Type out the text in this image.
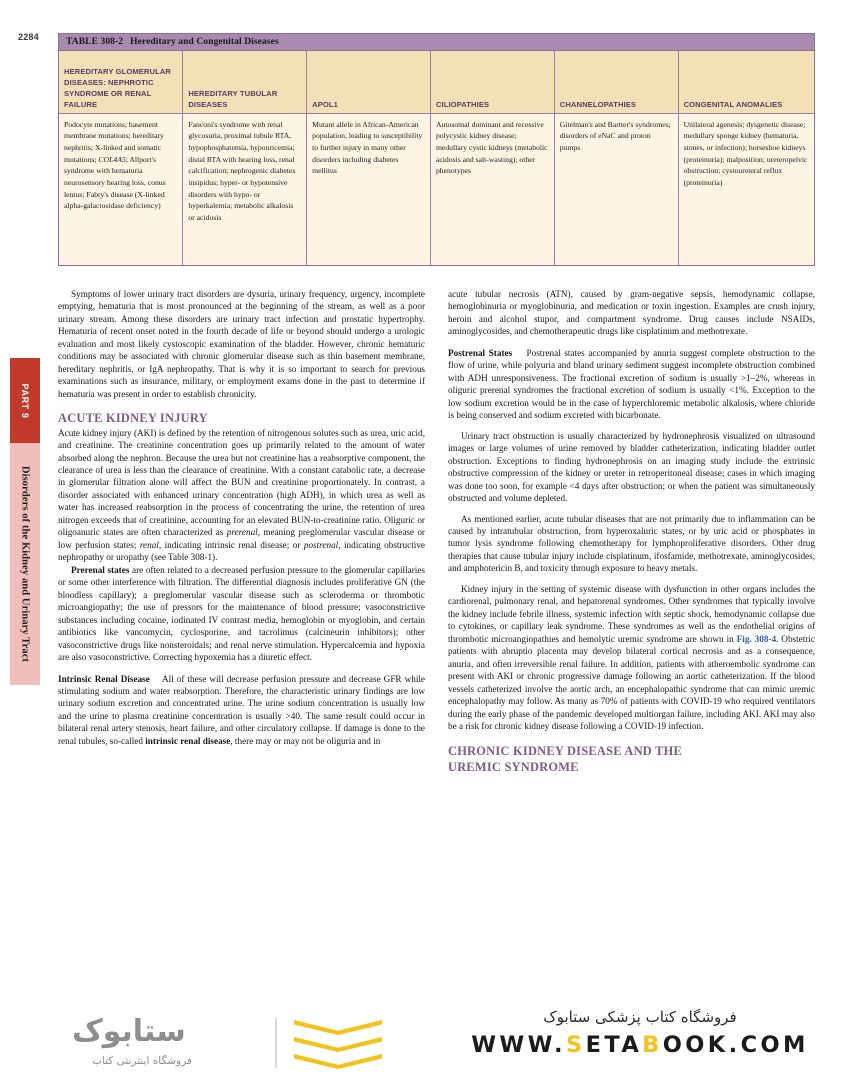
2284
PART 9
Disorders of the Kidney and Urinary Tract
TABLE 308-2 Hereditary and Congenital Diseases
HEREDITARY GLOMERULAR DISEASES: NEPHROTIC SYNDROME OR RENAL FAILURE	HEREDITARY TUBULAR DISEASES	APOL1	CILIOPATHIES	CHANNELOPATHIES	CONGENITAL ANOMALIES
Podocyte mutations; basement membrane mutations; hereditary nephritis; X-linked and somatic mutations; COL4A5; Allport's syndrome with hematuria neurosensory hearing loss, conus lentus; Fabry's disease (X-linked alpha-galactosidase deficiency)	Fanconi's syndrome with renal glycosuria, proximal tubule RTA, hypophosphatemia, hypouricemia; distal RTA with hearing loss, renal calcification; nephrogenic diabetes insipidus; hyper- or hypotensive disorders with hypo- or hyperkalemia; metabolic alkalosis or acidosis	Mutant allele in African-American population, leading to susceptibility to further injury in many other disorders including diabetes mellitus	Autosomal dominant and recessive polycystic kidney disease; medullary cystic kidneys (metabolic acidosis and salt-wasting); other phenotypes	Gitelman's and Bartter's syndromes; disorders of eNaC and proton pumps	Unilateral agenesis; dysgenetic disease; medullary sponge kidney (hematuria, stones, or infection); horseshoe kidneys (proteinuria); malposition; ureteropelvic obstruction; cystoureteral reflux (proteinuria)

Symptoms of lower urinary tract disorders are dysuria, urinary frequency, urgency, incomplete emptying, hematuria that is most pronounced at the beginning of the stream, as well as a poor urinary stream. Among these disorders are urinary tract infection and prostatic hypertrophy. Hematuria of recent onset noted in the fourth decade of life or beyond should undergo a urologic evaluation and most likely cystoscopic examination of the bladder. However, chronic hematuric conditions may be associated with chronic glomerular disease such as thin basement membrane, hereditary nephritis, or IgA nephropathy. That is why it is so important to search for previous examinations such as insurance, military, or employment exams done in the past to determine if hematuria was present in order to establish chronicity.

ACUTE KIDNEY INJURY

Acute kidney injury (AKI) is defined by the retention of nitrogenous solutes such as urea, uric acid, and creatinine. The creatinine concentration goes up primarily related to the amount of water absorbed along the nephron. Because the urea but not creatinine has a reabsorptive component, the clearance of urea is less than the clearance of creatinine. With a constant catabolic rate, a decrease in glomerular filtration alone will affect the BUN and creatinine proportionately. In contrast, a disorder associated with enhanced urinary concentration (high ADH), in which urea as well as water has increased reabsorption in the process of concentrating the urine, the retention of urea nitrogen exceeds that of creatinine, accounting for an elevated BUN-to-creatinine ratio. Oliguric or oligoanuric states are often characterized as prerenal, meaning preglomerular vascular disease or low perfusion states; renal, indicating intrinsic renal disease; or postrenal, indicating obstructive nephropathy or uropathy (see Table 308-1).

Prerenal states are often related to a decreased perfusion pressure to the glomerular capillaries or some other interference with filtration. The differential diagnosis includes proliferative GN (the bloodless capillary); a preglomerular vascular disease such as scleroderma or thrombotic microangiopathy; the use of pressors for the maintenance of blood pressure; vasoconstrictive substances including cocaine, iodinated IV contrast media, hemoglobin or myoglobin, and certain antibiotics like vancomycin, cyclosporine, and tacrolimus (calcineurin inhibitors); other vasoconstrictive drugs like nonsteroidals; and renal nerve stimulation. Hypercalcemia and hypoxia are also vasoconstrictive. Correcting hypoxemia has a diuretic effect.

Intrinsic Renal Disease All of these will decrease perfusion pressure and decrease GFR while stimulating sodium and water reabsorption. Therefore, the characteristic urinary findings are low urinary sodium excretion and concentrated urine. The urine sodium concentration is usually low and the urine to plasma creatinine concentration is usually >40. The same result could occur in bilateral renal artery stenosis, heart failure, and other circulatory collapse. If damage is done to the renal tubules, so-called intrinsic renal disease, there may or may not be oliguria and in

acute tubular necrosis (ATN), caused by gram-negative sepsis, hemodynamic collapse, hemoglobinuria or myoglobinuria, and medication or toxin ingestion. Examples are crush injury, heroin and alcohol stupor, and compartment syndrome. Drug causes include NSAIDs, aminoglycosides, and chemotherapeutic drugs like cisplatinum and methotrexate.

Postrenal States Postrenal states accompanied by anuria suggest complete obstruction to the flow of urine, while polyuria and bland urinary sediment suggest incomplete obstruction combined with ADH unresponsiveness. The fractional excretion of sodium is usually >1–2%, whereas in oliguric prerenal syndromes the fractional excretion of sodium is usually <1%. Exception to the low sodium excretion would be in the case of hyperchloremic metabolic alkalosis, where chloride is being conserved and sodium excreted with bicarbonate.

Urinary tract obstruction is usually characterized by hydronephrosis visualized on ultrasound images or large volumes of urine removed by bladder catheterization, indicating bladder outlet obstruction. Exceptions to finding hydronephrosis on an imaging study include the extrinsic obstructive compression of the kidney or ureter in retroperitoneal disease; cases in which imaging was done too soon, for example <4 days after obstruction; or when the patient was simultaneously obstructed and volume depleted.

As mentioned earlier, acute tubular diseases that are not primarily due to inflammation can be caused by intratubular obstruction, from hyperoxaluric states, or by uric acid or phosphates in tumor lysis syndrome following chemotherapy for lymphoproliferative disorders. Other drug therapies that cause tubular injury include cisplatinum, ifosfamide, methotrexate, aminoglycosides, and amphotericin B, and toxicity through exposure to heavy metals.

Kidney injury in the setting of systemic disease with dysfunction in other organs includes the cardiorenal, pulmonary renal, and hepatorenal syndromes. Other syndromes that typically involve the kidney include febrile illness, systemic infection with septic shock, hemodynamic collapse due to cytokines, or capillary leak syndrome. These syndromes as well as the endothelial origins of thrombotic microangiopathies and hemolytic uremic syndrome are shown in Fig. 308-4. Obstetric patients with abruptio placenta may develop bilateral cortical necrosis and as a consequence, anuria, and often irreversible renal failure. In addition, patients with atheroembolic syndrome can present with AKI or chronic progressive damage following an aortic catheterization. If the blood vessels catheterized involve the aortic arch, an encephalopathic syndrome that can mimic uremic encephalopathy may follow. As many as 70% of patients with COVID-19 who required ventilators during the early phase of the pandemic developed multiorgan failure, including AKI. AKI may also be a risk for chronic kidney disease following a COVID-19 infection.

CHRONIC KIDNEY DISEASE AND THE
UREMIC SYNDROME
ستابوک
فروشگاه اینترنتی کتاب
فروشگاه کتاب پزشکی ستابوک
WWW.SETABOOK.COM
